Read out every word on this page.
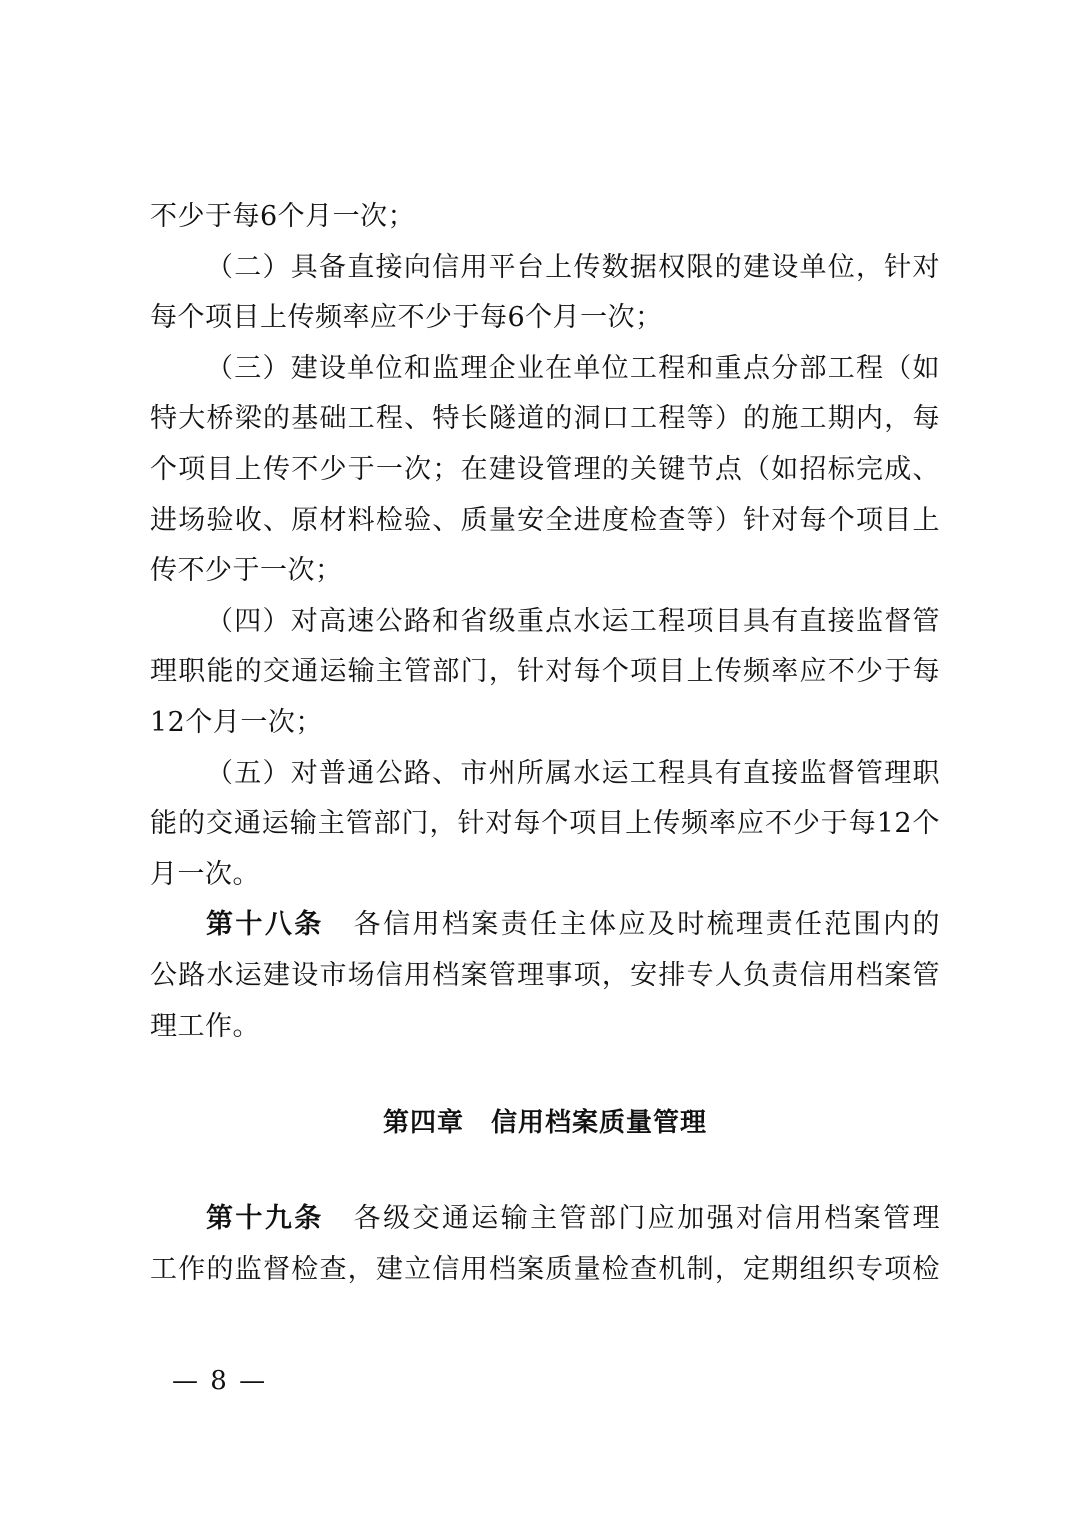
不少于每6个月一次；
（二）具备直接向信用平台上传数据权限的建设单位，针对
每个项目上传频率应不少于每6个月一次；
（三）建设单位和监理企业在单位工程和重点分部工程（如
特大桥梁的基础工程、特长隧道的洞口工程等）的施工期内，每
个项目上传不少于一次；在建设管理的关键节点（如招标完成、
进场验收、原材料检验、质量安全进度检查等）针对每个项目上
传不少于一次；
（四）对高速公路和省级重点水运工程项目具有直接监督管
理职能的交通运输主管部门，针对每个项目上传频率应不少于每
12个月一次；
（五）对普通公路、市州所属水运工程具有直接监督管理职
能的交通运输主管部门，针对每个项目上传频率应不少于每12个
月一次。
第十八条 各信用档案责任主体应及时梳理责任范围内的
公路水运建设市场信用档案管理事项，安排专人负责信用档案管
理工作。
第四章　信用档案质量管理
第十九条 各级交通运输主管部门应加强对信用档案管理
工作的监督检查，建立信用档案质量检查机制，定期组织专项检
— 8 —
